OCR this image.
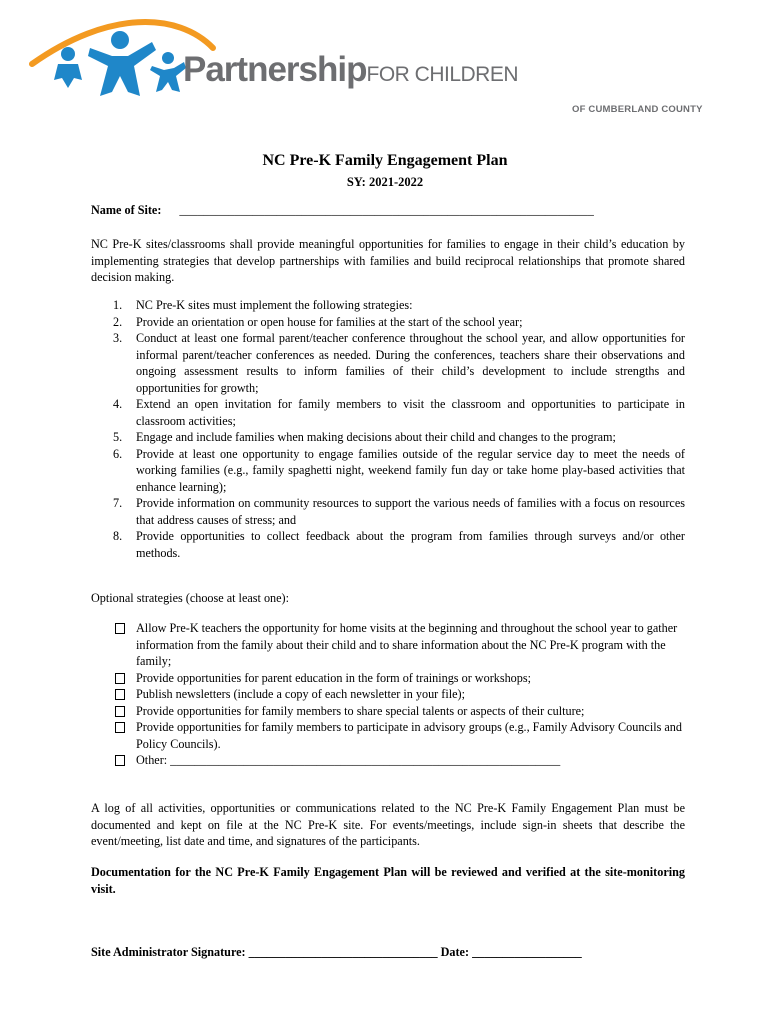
PartnershipFOR CHILDREN
OF CUMBERLAND COUNTY
NC Pre-K Family Engagement Plan
SY: 2021-2022
Name of Site: ____________________________________________________________________
NC Pre-K sites/classrooms shall provide meaningful opportunities for families to engage in their child’s education by implementing strategies that develop partnerships with families and build reciprocal relationships that promote shared decision making.
1. NC Pre-K sites must implement the following strategies:
2. Provide an orientation or open house for families at the start of the school year;
3. Conduct at least one formal parent/teacher conference throughout the school year, and allow opportunities for informal parent/teacher conferences as needed. During the conferences, teachers share their observations and ongoing assessment results to inform families of their child’s development to include strengths and opportunities for growth;
4. Extend an open invitation for family members to visit the classroom and opportunities to participate in classroom activities;
5. Engage and include families when making decisions about their child and changes to the program;
6. Provide at least one opportunity to engage families outside of the regular service day to meet the needs of working families (e.g., family spaghetti night, weekend family fun day or take home play-based activities that enhance learning);
7. Provide information on community resources to support the various needs of families with a focus on resources that address causes of stress; and
8. Provide opportunities to collect feedback about the program from families through surveys and/or other methods.
Optional strategies (choose at least one):
Allow Pre-K teachers the opportunity for home visits at the beginning and throughout the school year to gather information from the family about their child and to share information about the NC Pre-K program with the family;
Provide opportunities for parent education in the form of trainings or workshops;
Publish newsletters (include a copy of each newsletter in your file);
Provide opportunities for family members to share special talents or aspects of their culture;
Provide opportunities for family members to participate in advisory groups (e.g., Family Advisory Councils and Policy Councils).
Other: ________________________________________________________________
A log of all activities, opportunities or communications related to the NC Pre-K Family Engagement Plan must be documented and kept on file at the NC Pre-K site. For events/meetings, include sign-in sheets that describe the event/meeting, list date and time, and signatures of the participants.
Documentation for the NC Pre-K Family Engagement Plan will be reviewed and verified at the site-monitoring visit.
Site Administrator Signature: _______________________________ Date: __________________
